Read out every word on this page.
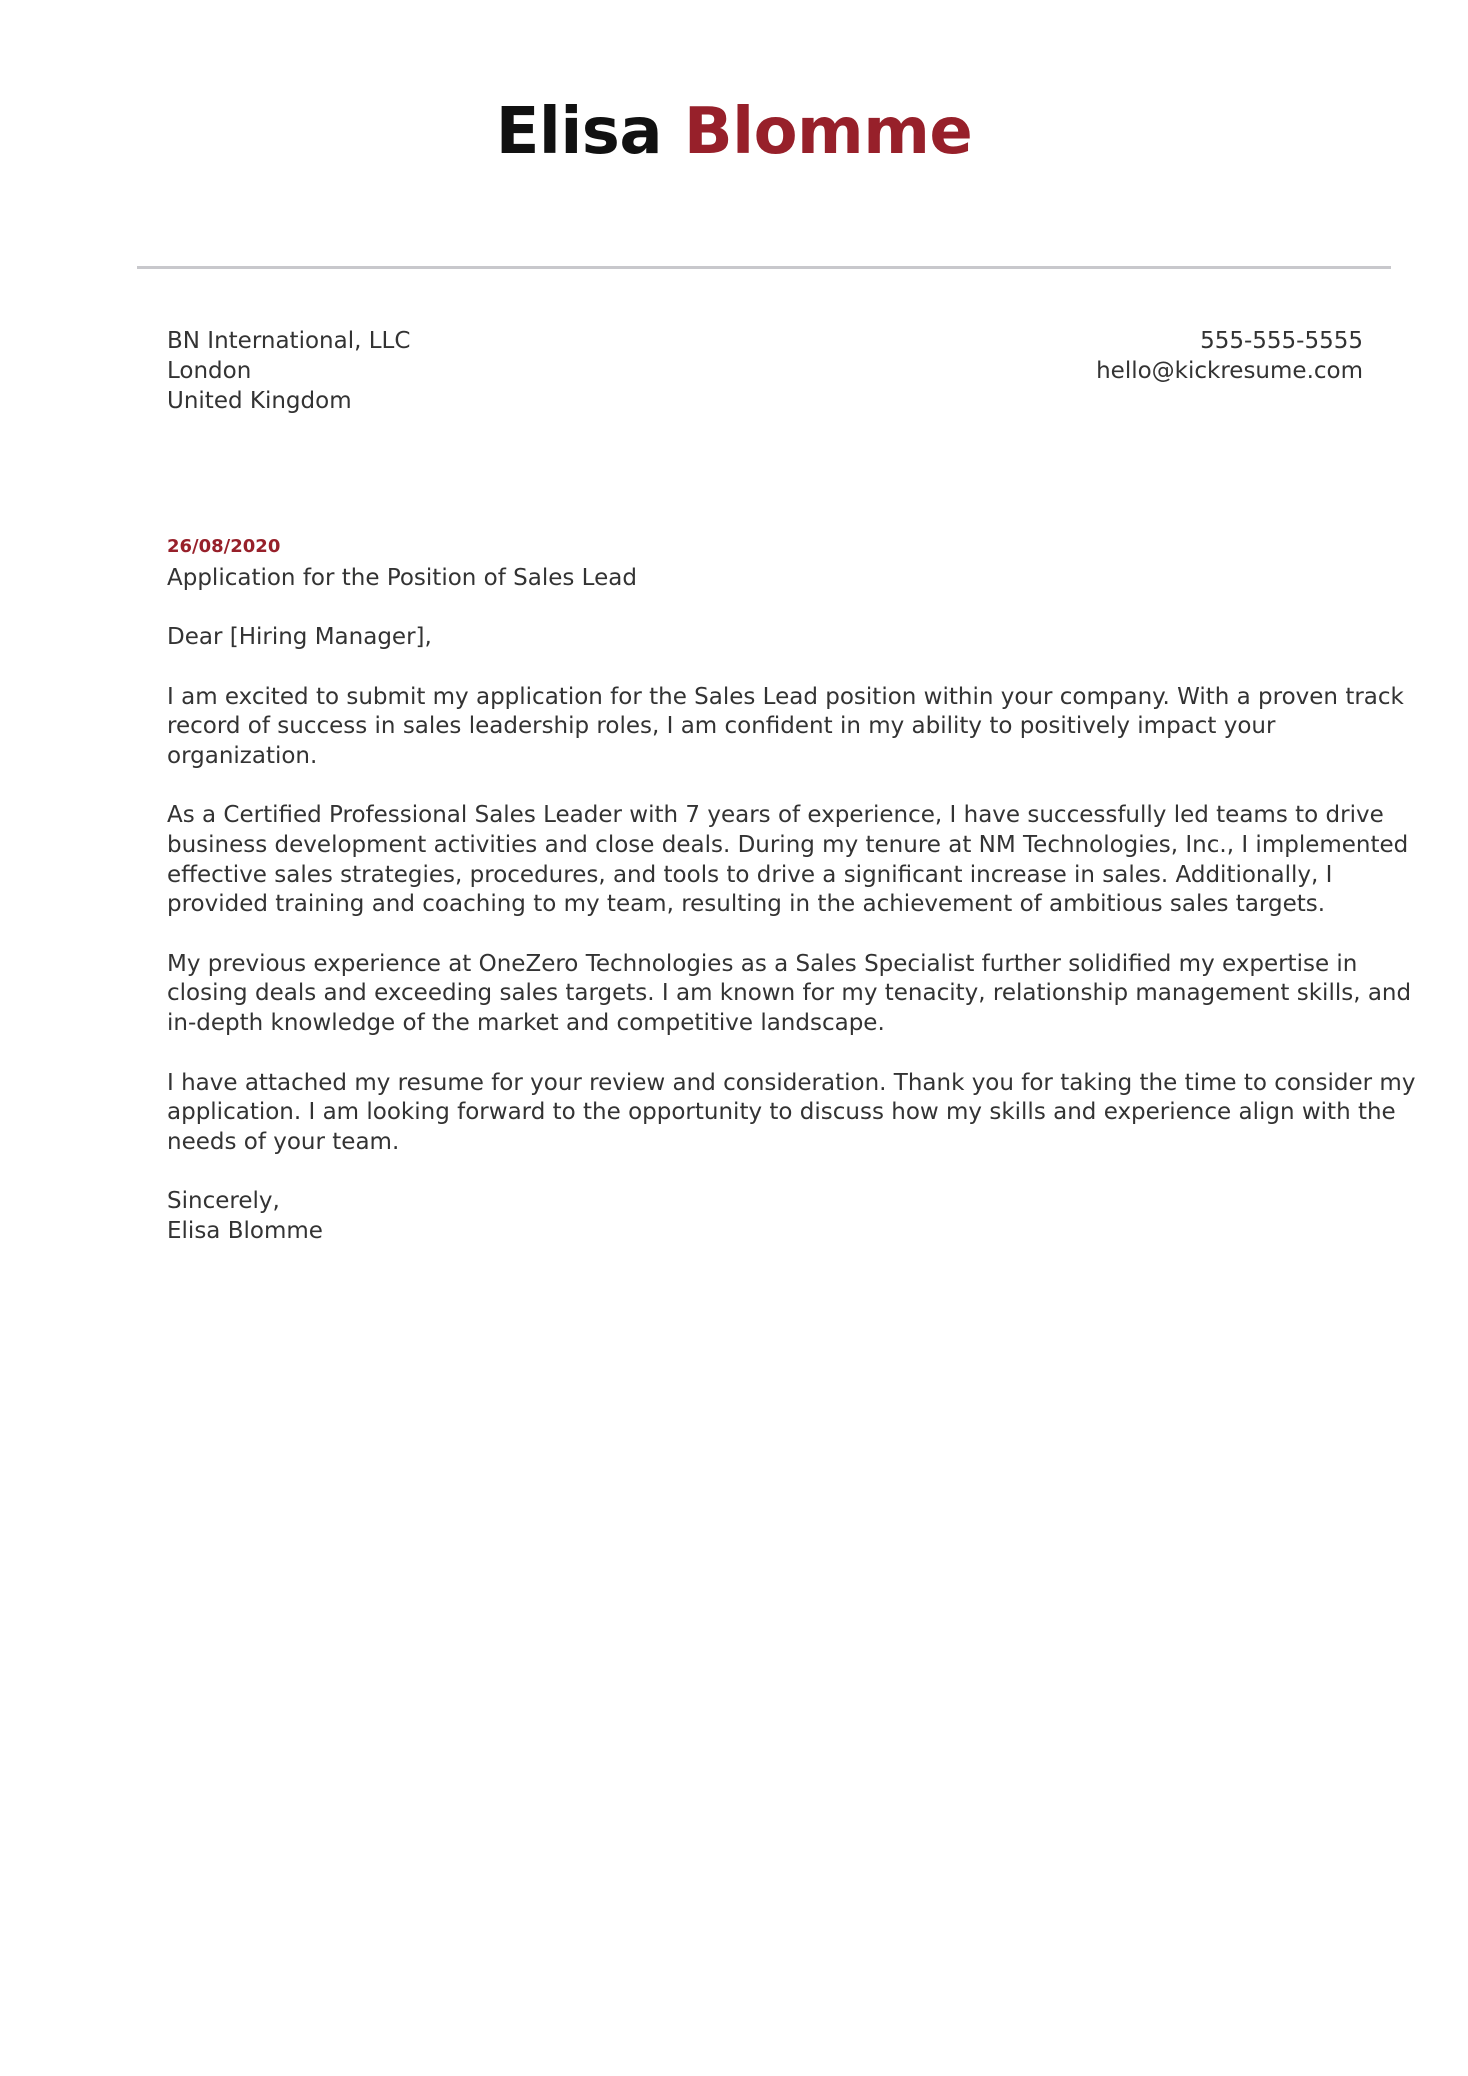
Elisa Blomme
BN International, LLC
London
United Kingdom
555-555-5555
hello@kickresume.com
26/08/2020
Application for the Position of Sales Lead

Dear [Hiring Manager],

I am excited to submit my application for the Sales Lead position within your company. With a proven track
record of success in sales leadership roles, I am confident in my ability to positively impact your
organization.

As a Certified Professional Sales Leader with 7 years of experience, I have successfully led teams to drive
business development activities and close deals. During my tenure at NM Technologies, Inc., I implemented
effective sales strategies, procedures, and tools to drive a significant increase in sales. Additionally, I
provided training and coaching to my team, resulting in the achievement of ambitious sales targets.

My previous experience at OneZero Technologies as a Sales Specialist further solidified my expertise in
closing deals and exceeding sales targets. I am known for my tenacity, relationship management skills, and
in-depth knowledge of the market and competitive landscape.

I have attached my resume for your review and consideration. Thank you for taking the time to consider my
application. I am looking forward to the opportunity to discuss how my skills and experience align with the
needs of your team.

Sincerely,
Elisa Blomme
